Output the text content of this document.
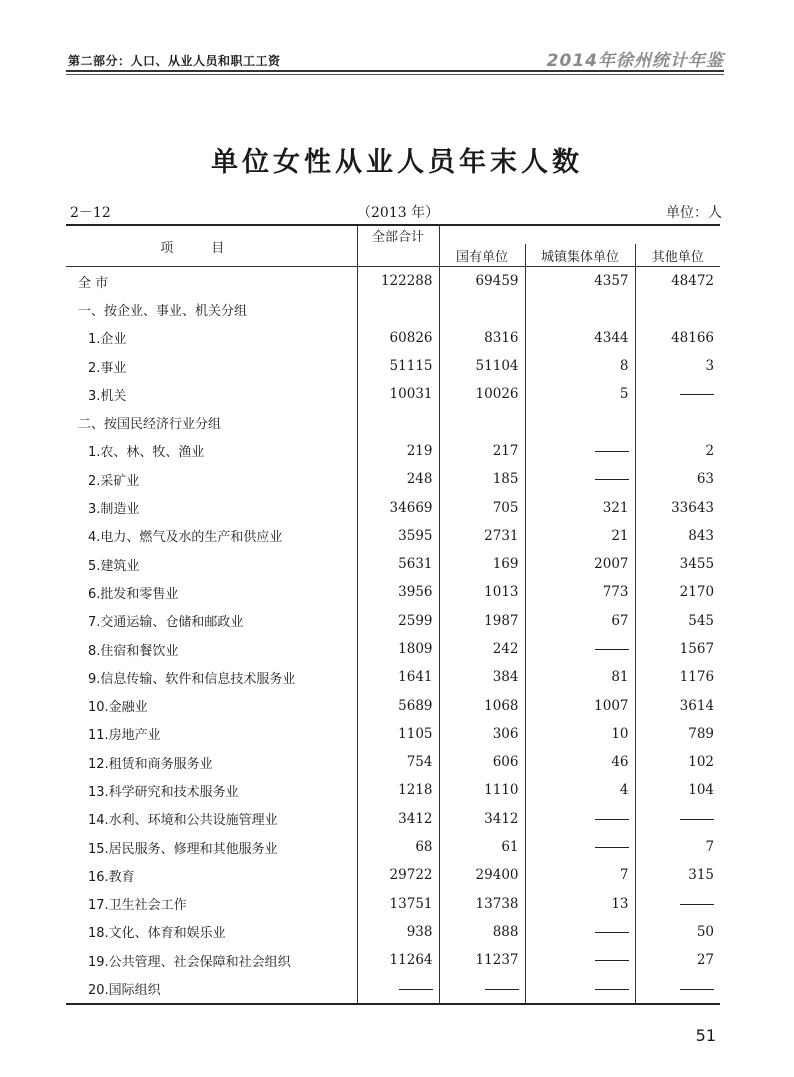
第二部分：人口、从业人员和职工工资	2014年徐州统计年鉴
单位女性从业人员年末人数
2－12	（2013 年）	单位：人
项目	全部合计			
		国有单位	城镇集体单位	其他单位
全 市	122288	69459	4357	48472
一、按企业、事业、机关分组				
1.企业	60826	8316	4344	48166
2.事业	51115	51104	8	3
3.机关	10031	10026	5	
二、按国民经济行业分组				
1.农、林、牧、渔业	219	217		2
2.采矿业	248	185		63
3.制造业	34669	705	321	33643
4.电力、燃气及水的生产和供应业	3595	2731	21	843
5.建筑业	5631	169	2007	3455
6.批发和零售业	3956	1013	773	2170
7.交通运输、仓储和邮政业	2599	1987	67	545
8.住宿和餐饮业	1809	242		1567
9.信息传输、软件和信息技术服务业	1641	384	81	1176
10.金融业	5689	1068	1007	3614
11.房地产业	1105	306	10	789
12.租赁和商务服务业	754	606	46	102
13.科学研究和技术服务业	1218	1110	4	104
14.水利、环境和公共设施管理业	3412	3412		
15.居民服务、修理和其他服务业	68	61		7
16.教育	29722	29400	7	315
17.卫生社会工作	13751	13738	13	
18.文化、体育和娱乐业	938	888		50
19.公共管理、社会保障和社会组织	11264	11237		27
20.国际组织				
51
